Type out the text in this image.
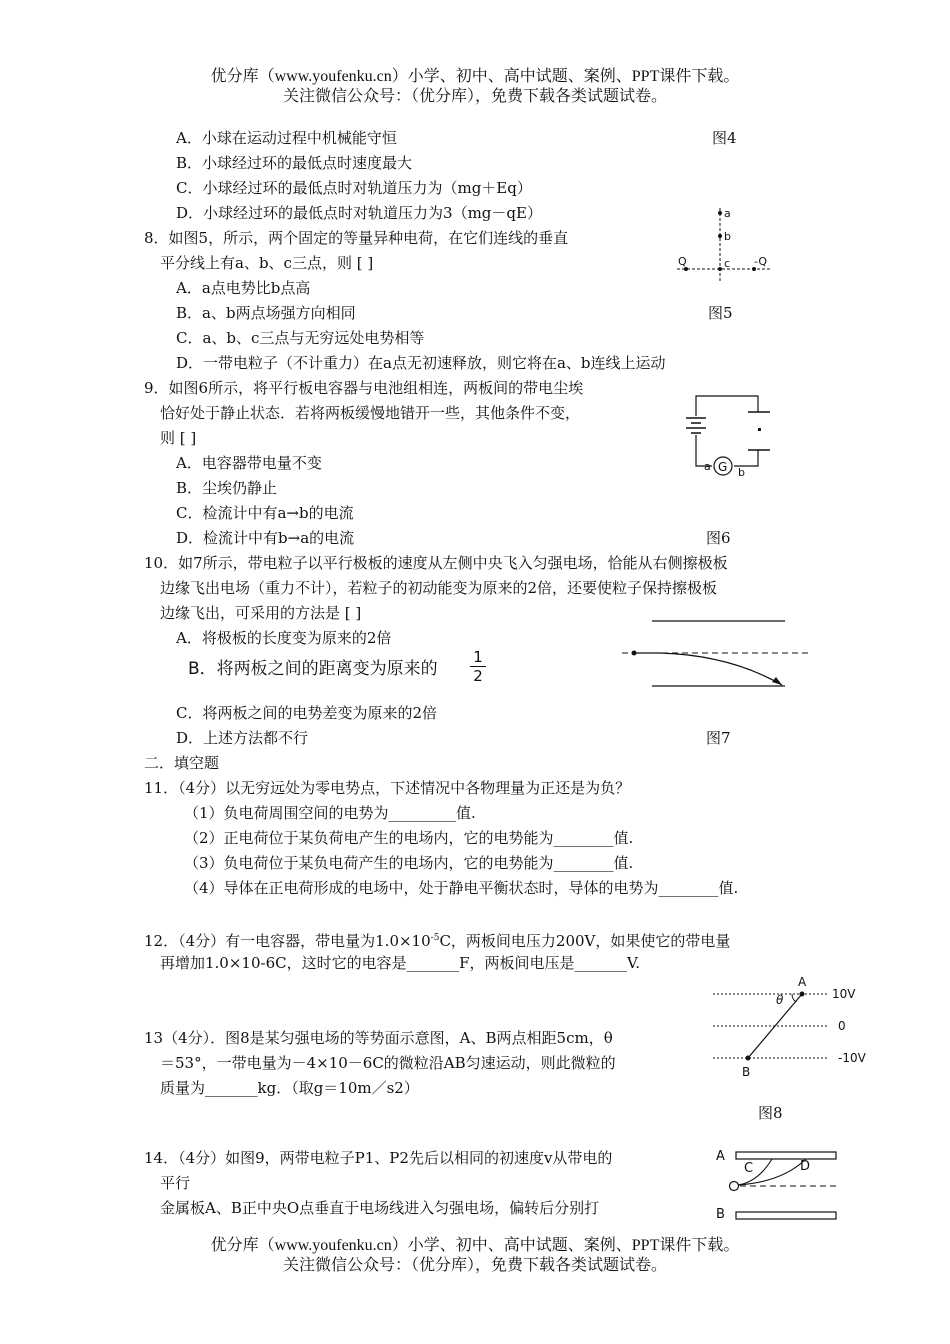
优分库（www.youfenku.cn）小学、初中、高中试题、案例、PPT课件下载。
关注微信公众号：（优分库），免费下载各类试题试卷。
A．小球在运动过程中机械能守恒	图4
B．小球经过环的最低点时速度最大
C．小球经过环的最低点时对轨道压力为（mg＋Eq）
D．小球经过环的最低点时对轨道压力为3（mg－qE）
8．如图5，所示，两个固定的等量异种电荷，在它们连线的垂直
平分线上有a、b、c三点，则 [ ]
A．a点电势比b点高
B．a、b两点场强方向相同	图5
C．a、b、c三点与无穷远处电势相等
D．一带电粒子（不计重力）在a点无初速释放，则它将在a、b连线上运动
a
b
c
Q	-Q
9．如图6所示，将平行板电容器与电池组相连，两板间的带电尘埃
恰好处于静止状态．若将两板缓慢地错开一些，其他条件不变，
则 [ ]
A．电容器带电量不变
B．尘埃仍静止
C．检流计中有a→b的电流
D．检流计中有b→a的电流	图6
G
a b
10．如7所示，带电粒子以平行极板的速度从左侧中央飞入匀强电场，恰能从右侧擦极板
边缘飞出电场（重力不计），若粒子的初动能变为原来的2倍，还要使粒子保持擦极板
边缘飞出，可采用的方法是 [ ]
A．将极板的长度变为原来的2倍
B．将两板之间的距离变为原来的 $\frac{1}{2}$
C．将两板之间的电势差变为原来的2倍
D．上述方法都不行	图7
二．填空题
11．（4分）以无穷远处为零电势点，下述情况中各物理量为正还是为负？
（1）负电荷周围空间的电势为_________值.
（2）正电荷位于某负荷电产生的电场内，它的电势能为________值.
（3）负电荷位于某负电荷产生的电场内，它的电势能为________值.
（4）导体在正电荷形成的电场中，处于静电平衡状态时，导体的电势为________值.
12．（4分）有一电容器，带电量为$1.0\times 10^{-5}C$，两板间电压力200V，如果使它的带电量
再增加1.0×10-6C，这时它的电容是_______F，两板间电压是_______V.
13（4分）．图8是某匀强电场的等势面示意图，A、B两点相距5cm，θ
＝53°，一带电量为－4×10－6C的微粒沿AB匀速运动，则此微粒的
质量为_______kg．（取g＝10m／s2）
图8
A
B
θ	10V
0
-10V
14．（4分）如图9，两带电粒子P1、P2先后以相同的初速度v从带电的
平行
金属板A、B正中央O点垂直于电场线进入匀强电场，偏转后分别打
A
B
C	D
优分库（www.youfenku.cn）小学、初中、高中试题、案例、PPT课件下载。
关注微信公众号：（优分库），免费下载各类试题试卷。
